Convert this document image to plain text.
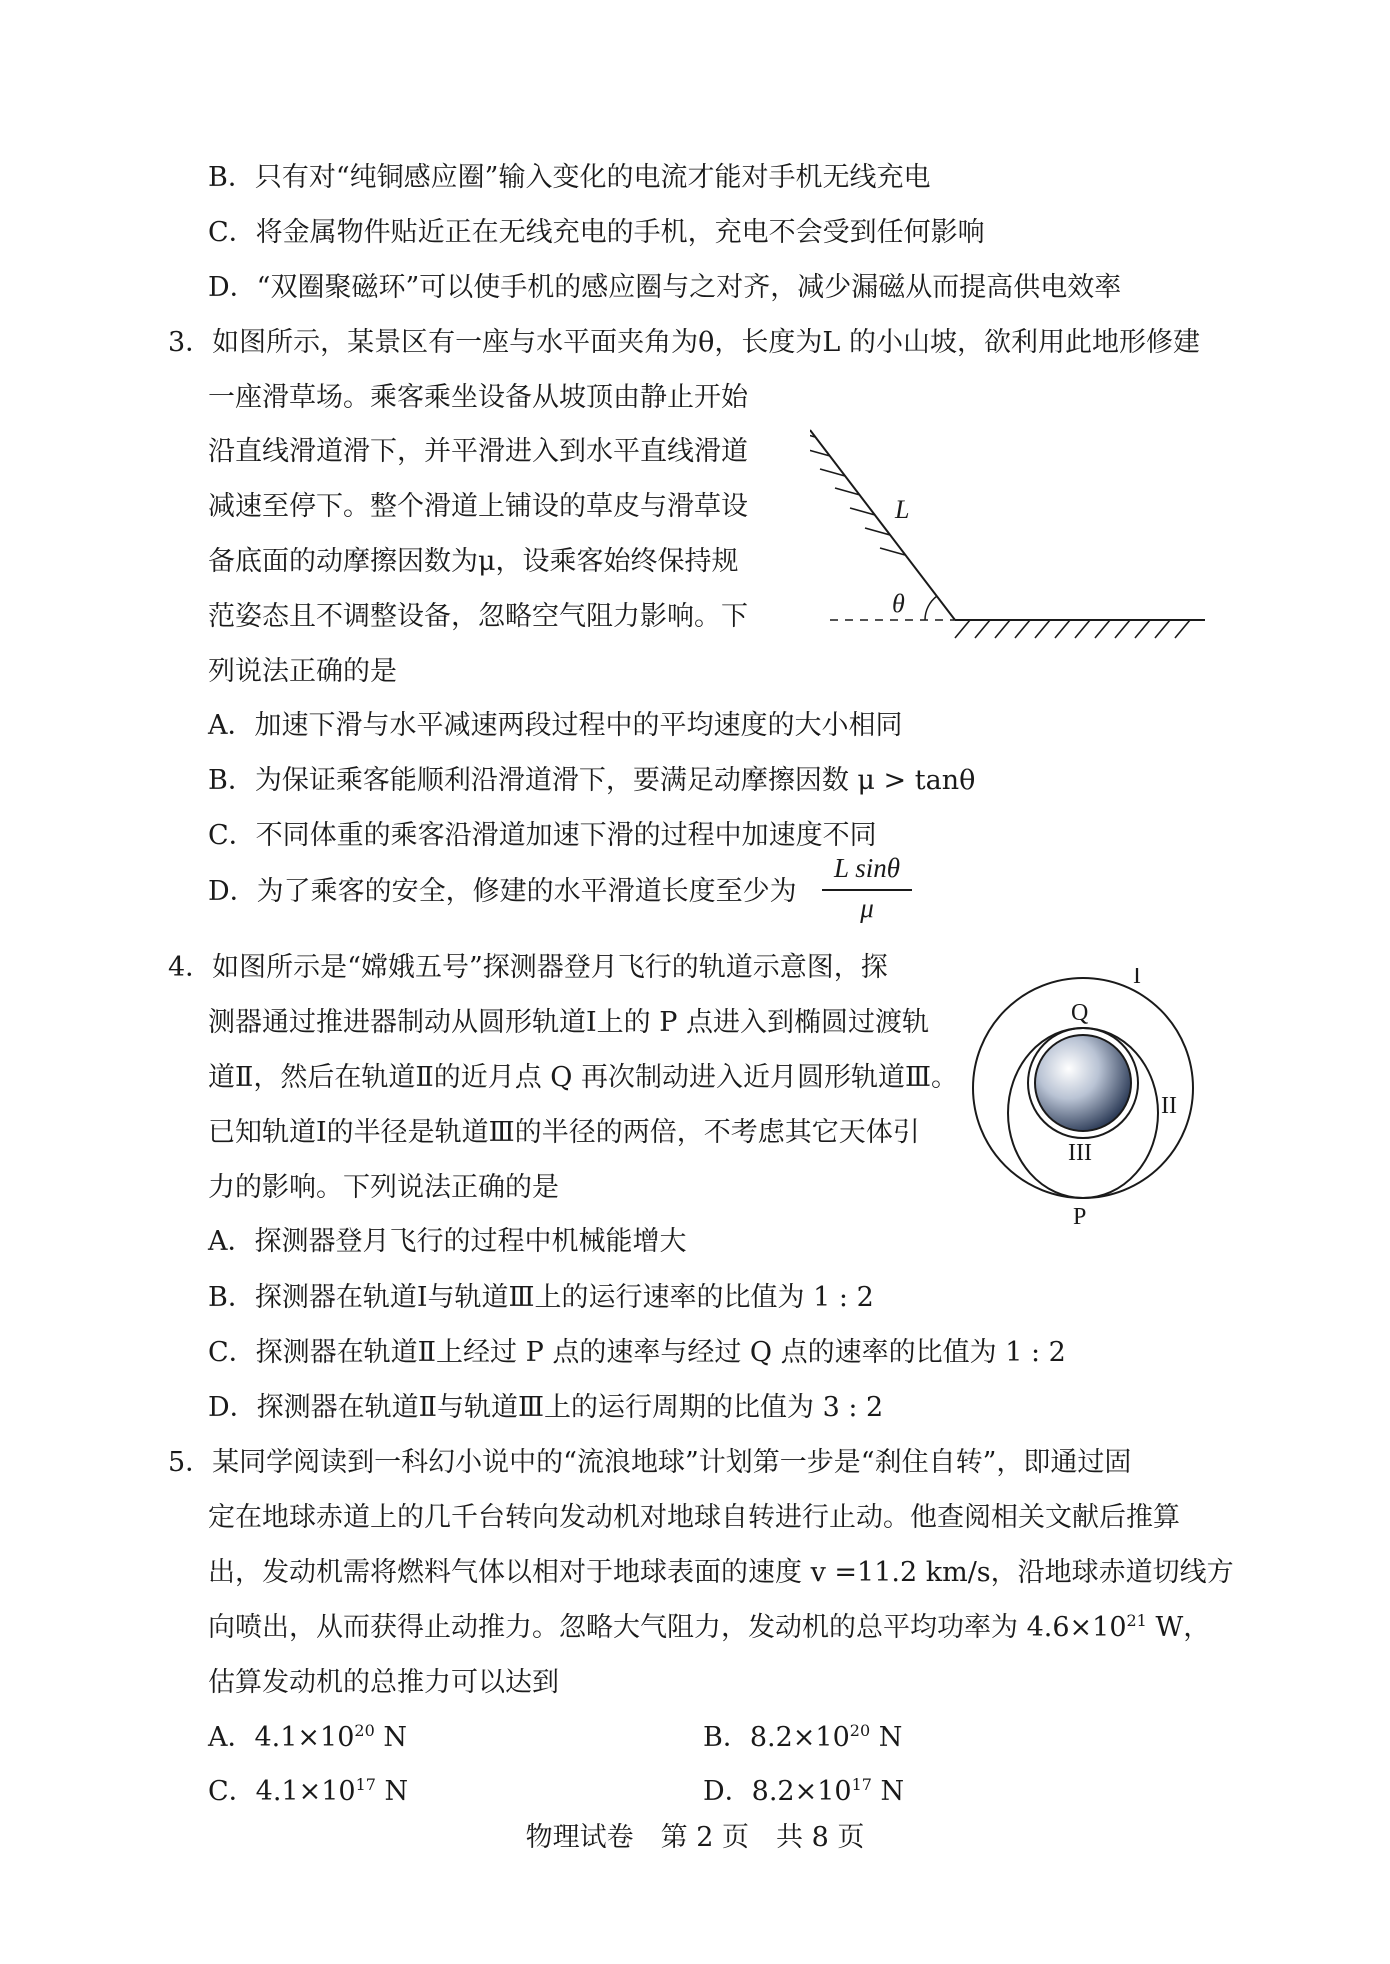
B．只有对“纯铜感应圈”输入变化的电流才能对手机无线充电
C．将金属物件贴近正在无线充电的手机，充电不会受到任何影响
D．“双圈聚磁环”可以使手机的感应圈与之对齐，减少漏磁从而提高供电效率
3．如图所示，某景区有一座与水平面夹角为θ，长度为L 的小山坡，欲利用此地形修建
一座滑草场。乘客乘坐设备从坡顶由静止开始
沿直线滑道滑下，并平滑进入到水平直线滑道
减速至停下。整个滑道上铺设的草皮与滑草设
备底面的动摩擦因数为μ，设乘客始终保持规
范姿态且不调整设备，忽略空气阻力影响。下
列说法正确的是
θ
L
A．加速下滑与水平减速两段过程中的平均速度的大小相同
B．为保证乘客能顺利沿滑道滑下，要满足动摩擦因数 μ > tanθ
C．不同体重的乘客沿滑道加速下滑的过程中加速度不同
D．为了乘客的安全，修建的水平滑道长度至少为
L sinθ
μ
4．如图所示是“嫦娥五号”探测器登月飞行的轨道示意图，探
测器通过推进器制动从圆形轨道Ⅰ上的 P 点进入到椭圆过渡轨
道Ⅱ，然后在轨道Ⅱ的近月点 Q 再次制动进入近月圆形轨道Ⅲ。
已知轨道Ⅰ的半径是轨道Ⅲ的半径的两倍，不考虑其它天体引
力的影响。下列说法正确的是
I
Q
II
III
P
A．探测器登月飞行的过程中机械能增大
B．探测器在轨道Ⅰ与轨道Ⅲ上的运行速率的比值为 1 : 2
C．探测器在轨道Ⅱ上经过 P 点的速率与经过 Q 点的速率的比值为 1 : 2
D．探测器在轨道Ⅱ与轨道Ⅲ上的运行周期的比值为 3 : 2
5．某同学阅读到一科幻小说中的“流浪地球”计划第一步是“刹住自转”，即通过固
定在地球赤道上的几千台转向发动机对地球自转进行止动。他查阅相关文献后推算
出，发动机需将燃料气体以相对于地球表面的速度 v =11.2 km/s，沿地球赤道切线方
向喷出，从而获得止动推力。忽略大气阻力，发动机的总平均功率为 $4.6\times 10^{21}$ W，
估算发动机的总推力可以达到
A．$4.1\times 10^{20}$ N	B．$8.2\times 10^{20}$ N
C．$4.1\times 10^{17}$ N	D．$8.2\times 10^{17}$ N
物理试卷　第 2 页　共 8 页
